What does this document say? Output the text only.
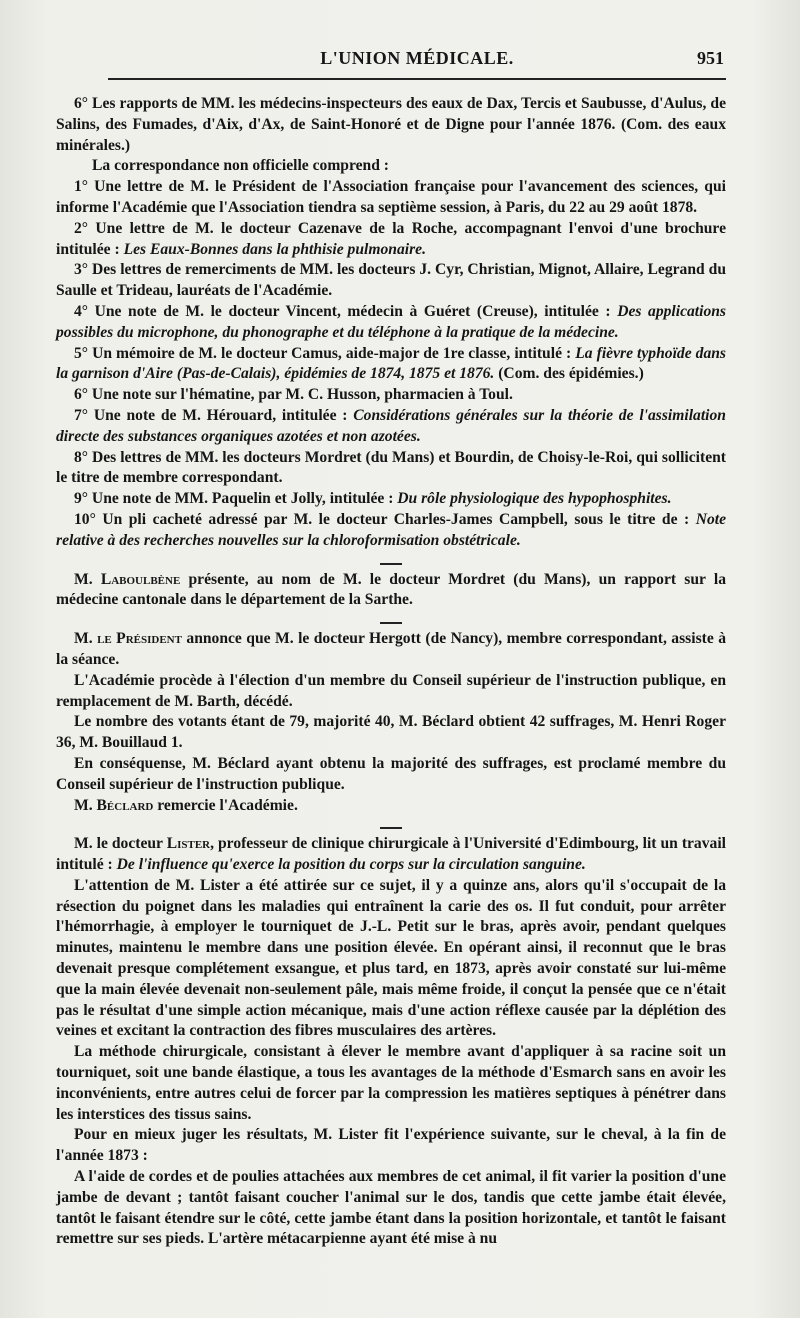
L'UNION MÉDICALE.	951

6° Les rapports de MM. les médecins-inspecteurs des eaux de Dax, Tercis et Saubusse, d'Aulus, de Salins, des Fumades, d'Aix, d'Ax, de Saint-Honoré et de Digne pour l'année 1876. (Com. des eaux minérales.)

La correspondance non officielle comprend :

1° Une lettre de M. le Président de l'Association française pour l'avancement des sciences, qui informe l'Académie que l'Association tiendra sa septième session, à Paris, du 22 au 29 août 1878.

2° Une lettre de M. le docteur Cazenave de la Roche, accompagnant l'envoi d'une brochure intitulée : Les Eaux-Bonnes dans la phthisie pulmonaire.

3° Des lettres de remerciments de MM. les docteurs J. Cyr, Christian, Mignot, Allaire, Legrand du Saulle et Trideau, lauréats de l'Académie.

4° Une note de M. le docteur Vincent, médecin à Guéret (Creuse), intitulée : Des applications possibles du microphone, du phonographe et du téléphone à la pratique de la médecine.

5° Un mémoire de M. le docteur Camus, aide-major de 1re classe, intitulé : La fièvre typhoïde dans la garnison d'Aire (Pas-de-Calais), épidémies de 1874, 1875 et 1876. (Com. des épidémies.)

6° Une note sur l'hématine, par M. C. Husson, pharmacien à Toul.

7° Une note de M. Hérouard, intitulée : Considérations générales sur la théorie de l'assimilation directe des substances organiques azotées et non azotées.

8° Des lettres de MM. les docteurs Mordret (du Mans) et Bourdin, de Choisy-le-Roi, qui sollicitent le titre de membre correspondant.

9° Une note de MM. Paquelin et Jolly, intitulée : Du rôle physiologique des hypophosphites.

10° Un pli cacheté adressé par M. le docteur Charles-James Campbell, sous le titre de : Note relative à des recherches nouvelles sur la chloroformisation obstétricale.

M. Laboulbène présente, au nom de M. le docteur Mordret (du Mans), un rapport sur la médecine cantonale dans le département de la Sarthe.

M. le Président annonce que M. le docteur Hergott (de Nancy), membre correspondant, assiste à la séance.

L'Académie procède à l'élection d'un membre du Conseil supérieur de l'instruction publique, en remplacement de M. Barth, décédé.

Le nombre des votants étant de 79, majorité 40, M. Béclard obtient 42 suffrages, M. Henri Roger 36, M. Bouillaud 1.

En conséquense, M. Béclard ayant obtenu la majorité des suffrages, est proclamé membre du Conseil supérieur de l'instruction publique.

M. Béclard remercie l'Académie.

M. le docteur Lister, professeur de clinique chirurgicale à l'Université d'Edimbourg, lit un travail intitulé : De l'influence qu'exerce la position du corps sur la circulation sanguine.

L'attention de M. Lister a été attirée sur ce sujet, il y a quinze ans, alors qu'il s'occupait de la résection du poignet dans les maladies qui entraînent la carie des os. Il fut conduit, pour arrêter l'hémorrhagie, à employer le tourniquet de J.-L. Petit sur le bras, après avoir, pendant quelques minutes, maintenu le membre dans une position élevée. En opérant ainsi, il reconnut que le bras devenait presque complétement exsangue, et plus tard, en 1873, après avoir constaté sur lui-même que la main élevée devenait non-seulement pâle, mais même froide, il conçut la pensée que ce n'était pas le résultat d'une simple action mécanique, mais d'une action réflexe causée par la déplétion des veines et excitant la contraction des fibres musculaires des artères.

La méthode chirurgicale, consistant à élever le membre avant d'appliquer à sa racine soit un tourniquet, soit une bande élastique, a tous les avantages de la méthode d'Esmarch sans en avoir les inconvénients, entre autres celui de forcer par la compression les matières septiques à pénétrer dans les interstices des tissus sains.

Pour en mieux juger les résultats, M. Lister fit l'expérience suivante, sur le cheval, à la fin de l'année 1873 :

A l'aide de cordes et de poulies attachées aux membres de cet animal, il fit varier la position d'une jambe de devant ; tantôt faisant coucher l'animal sur le dos, tandis que cette jambe était élevée, tantôt le faisant étendre sur le côté, cette jambe étant dans la position horizontale, et tantôt le faisant remettre sur ses pieds. L'artère métacarpienne ayant été mise à nu
